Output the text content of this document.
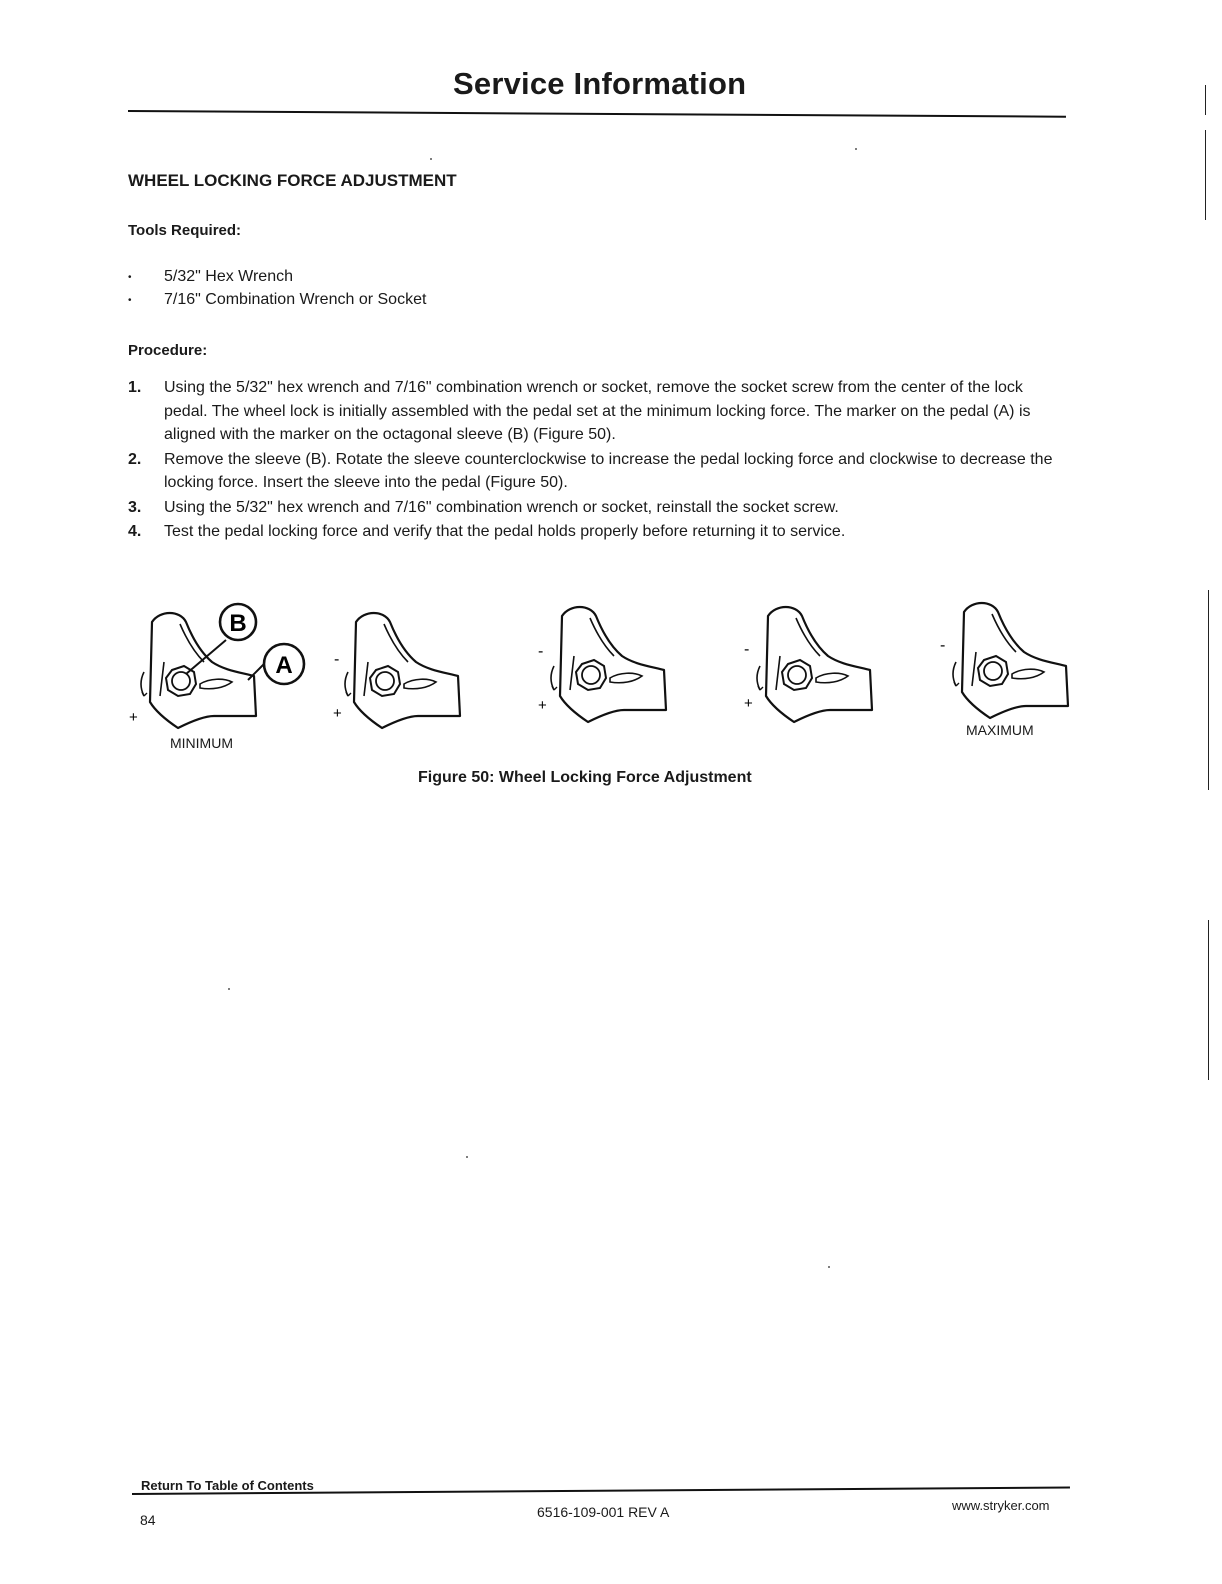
Service Information
WHEEL LOCKING FORCE ADJUSTMENT
Tools Required:
• 5/32" Hex Wrench
• 7/16" Combination Wrench or Socket
Procedure:
1. Using the 5/32" hex wrench and 7/16" combination wrench or socket, remove the socket screw from the center of the lock pedal. The wheel lock is initially assembled with the pedal set at the minimum locking force. The marker on the pedal (A) is aligned with the marker on the octagonal sleeve (B) (Figure 50).
2. Remove the sleeve (B). Rotate the sleeve counterclockwise to increase the pedal locking force and clockwise to decrease the locking force. Insert the sleeve into the pedal (Figure 50).
3. Using the 5/32" hex wrench and 7/16" combination wrench or socket, reinstall the socket screw.
4. Test the pedal locking force and verify that the pedal holds properly before returning it to service.
B
A
+
-
+
-
+
-
+
-
MINIMUM
MAXIMUM
Figure 50: Wheel Locking Force Adjustment
Return To Table of Contents
84	6516-109-001 REV A	www.stryker.com
